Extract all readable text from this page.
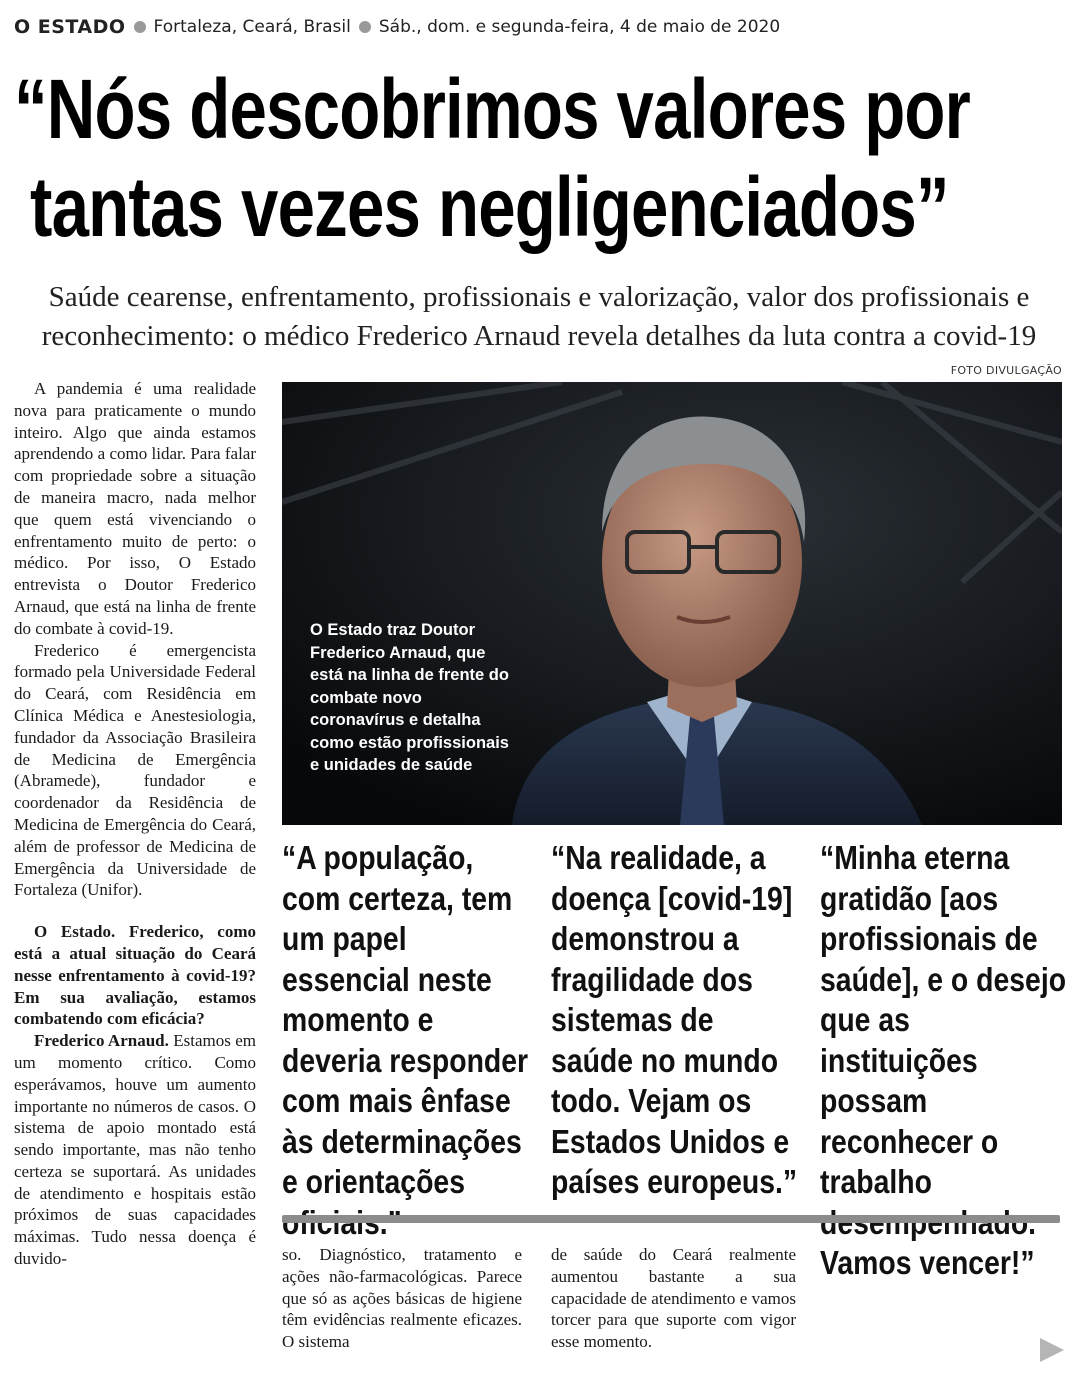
O ESTADO Fortaleza, Ceará, Brasil Sáb., dom. e segunda-feira, 4 de maio de 2020
“Nós descobrimos valores por
tantas vezes negligenciados”
Saúde cearense, enfrentamento, profissionais e valorização, valor dos profissionais e reconhecimento: o médico Frederico Arnaud revela detalhes da luta contra a covid-19
FOTO DIVULGAÇÃO

A pandemia é uma realidade nova para praticamente o mundo inteiro. Algo que ainda estamos aprendendo a como lidar. Para falar com propriedade sobre a situação de maneira macro, nada melhor que quem está vivenciando o enfrentamento muito de perto: o médico. Por isso, O Estado entrevista o Doutor Frederico Arnaud, que está na linha de frente do combate à covid-19.

Frederico é emergencista formado pela Universidade Federal do Ceará, com Residência em Clínica Médica e Anestesiologia, fundador da Associação Brasileira de Medicina de Emergência (Abramede), fundador e coordenador da Residência de Medicina de Emergência do Ceará, além de professor de Medicina de Emergência da Universidade de Fortaleza (Unifor).

O Estado. Frederico, como está a atual situação do Ceará nesse enfrentamento à covid-19? Em sua avaliação, estamos combatendo com eficácia?

Frederico Arnaud. Estamos em um momento crítico. Como esperávamos, houve um aumento importante no números de casos. O sistema de apoio montado está sendo importante, mas não tenho certeza se suportará. As unidades de atendimento e hospitais estão próximos de suas capacidades máximas. Tudo nessa doença é duvido-

O Estado traz Doutor Frederico Arnaud, que está na linha de frente do combate novo coronavírus e detalha como estão profissionais e unidades de saúde
“A população, com certeza, tem um papel essencial neste momento e deveria responder com mais ênfase às determinações e orientações
“Na realidade, a doença [covid-19] demonstrou a fragilidade dos sistemas de saúde no mundo todo. Vejam os Estados Unidos e países europeus.”
“Minha eterna gratidão [aos profissionais de saúde], e o desejo que as instituições possam reconhecer o trabalho Vamos vencer!”

so. Diagnóstico, tratamento e ações não-farmacológicas. Parece que só as ações básicas de higiene têm evidências realmente eficazes. O sistema

de saúde do Ceará realmente aumentou bastante a sua capacidade de atendimento e vamos torcer para que suporte com vigor esse momento.
